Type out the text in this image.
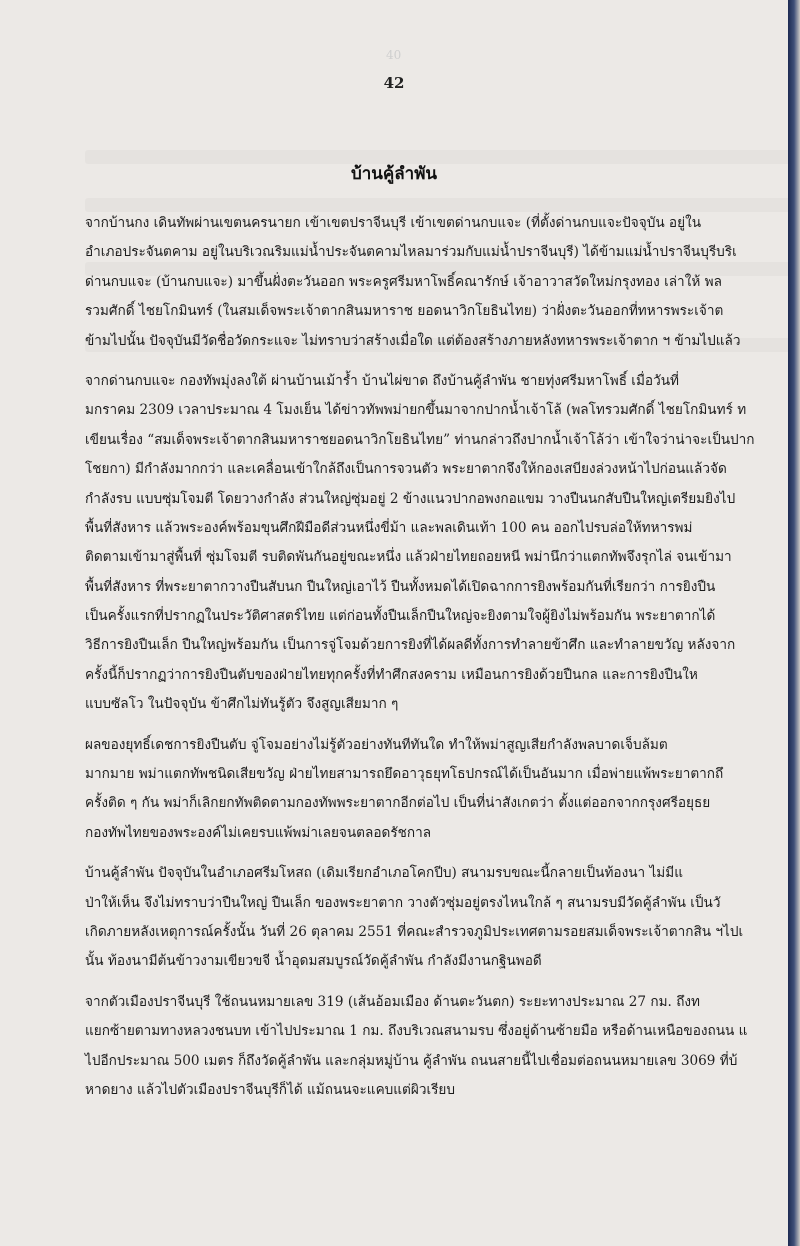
40
42
บ้านคู้ลำพัน
จากบ้านกง เดินทัพผ่านเขตนครนายก เข้าเขตปราจีนบุรี เข้าเขตด่านกบแจะ (ที่ตั้งด่านกบแจะปัจจุบัน อยู่ใน
อำเภอประจันตคาม อยู่ในบริเวณริมแม่น้ำประจันตคามไหลมาร่วมกับแม่น้ำปราจีนบุรี) ได้ข้ามแม่น้ำปราจีนบุรีบริเ
ด่านกบแจะ (บ้านกบแจะ) มาขึ้นฝั่งตะวันออก พระครูศรีมหาโพธิ์คณารักษ์ เจ้าอาวาสวัดใหม่กรุงทอง เล่าให้ พล
รวมศักดิ์ ไชยโกมินทร์ (ในสมเด็จพระเจ้าตากสินมหาราช ยอดนาวิกโยธินไทย) ว่าฝั่งตะวันออกที่ทหารพระเจ้าต
ข้ามไปนั้น ปัจจุบันมีวัดชื่อวัดกระแจะ ไม่ทราบว่าสร้างเมื่อใด แต่ต้องสร้างภายหลังทหารพระเจ้าตาก ฯ ข้ามไปแล้ว
จากด่านกบแจะ กองทัพมุ่งลงใต้ ผ่านบ้านเม้าร้ำ บ้านไผ่ขาด ถึงบ้านคู้ลำพัน ชายทุ่งศรีมหาโพธิ์ เมื่อวันที่
มกราคม 2309 เวลาประมาณ 4 โมงเย็น ได้ข่าวทัพพม่ายกขึ้นมาจากปากน้ำเจ้าโล้ (พลโทรวมศักดิ์ ไชยโกมินทร์ ท
เขียนเรื่อง “สมเด็จพระเจ้าตากสินมหาราชยอดนาวิกโยธินไทย” ท่านกล่าวถึงปากน้ำเจ้าโล้ว่า เข้าใจว่าน่าจะเป็นปาก
โชยกา) มีกำลังมากกว่า และเคลื่อนเข้าใกล้ถึงเป็นการจวนตัว พระยาตากจึงให้กองเสบียงล่วงหน้าไปก่อนแล้วจัด
กำลังรบ แบบซุ่มโจมตี โดยวางกำลัง ส่วนใหญ่ซุ่มอยู่ 2 ข้างแนวปากอพงกอแขม วางปืนนกสับปืนใหญ่เตรียมยิงไป
พื้นที่สังหาร แล้วพระองค์พร้อมขุนศึกฝีมือดีส่วนหนึ่งขี่ม้า และพลเดินเท้า 100 คน ออกไปรบล่อให้ทหารพม่
ติดตามเข้ามาสู่พื้นที่ ซุ่มโจมตี รบติดพันกันอยู่ขณะหนึ่ง แล้วฝ่ายไทยถอยหนี พม่านึกว่าแตกทัพจึงรุกไล่ จนเข้ามา
พื้นที่สังหาร ที่พระยาตากวางปืนสับนก ปืนใหญ่เอาไว้ ปืนทั้งหมดได้เปิดฉากการยิงพร้อมกันที่เรียกว่า การยิงปืน
เป็นครั้งแรกที่ปรากฏในประวัติศาสตร์ไทย แต่ก่อนทั้งปืนเล็กปืนใหญ่จะยิงตามใจผู้ยิงไม่พร้อมกัน พระยาตากได้
วิธีการยิงปืนเล็ก ปืนใหญ่พร้อมกัน เป็นการจู่โจมด้วยการยิงที่ได้ผลดีทั้งการทำลายข้าศึก และทำลายขวัญ หลังจาก
ครั้งนี้ก็ปรากฏว่าการยิงปืนตับของฝ่ายไทยทุกครั้งที่ทำศึกสงคราม เหมือนการยิงด้วยปืนกล และการยิงปืนให
แบบซัลโว ในปัจจุบัน ข้าศึกไม่ทันรู้ตัว จึงสูญเสียมาก ๆ
ผลของยุทธิ์เดชการยิงปืนตับ จู่โจมอย่างไม่รู้ตัวอย่างทันทีทันใด ทำให้พม่าสูญเสียกำลังพลบาดเจ็บล้มต
มากมาย พม่าแตกทัพชนิดเสียขวัญ ฝ่ายไทยสามารถยึดอาวุธยุทโธปกรณ์ได้เป็นอันมาก เมื่อพ่ายแพ้พระยาตากถึ
ครั้งติด ๆ กัน พม่าก็เลิกยกทัพติดตามกองทัพพระยาตากอีกต่อไป เป็นที่น่าสังเกตว่า ตั้งแต่ออกจากกรุงศรีอยุธย
กองทัพไทยของพระองค์ไม่เคยรบแพ้พม่าเลยจนตลอดรัชกาล
บ้านคู้ลำพัน ปัจจุบันในอำเภอศรีมโหสถ (เดิมเรียกอำเภอโคกปีบ) สนามรบขณะนี้กลายเป็นท้องนา ไม่มีแ
ป่าให้เห็น จึงไม่ทราบว่าปืนใหญ่ ปืนเล็ก ของพระยาตาก วางตัวซุ่มอยู่ตรงไหนใกล้ ๆ สนามรบมีวัดคู้ลำพัน เป็นวั
เกิดภายหลังเหตุการณ์ครั้งนั้น วันที่ 26 ตุลาคม 2551 ที่คณะสำรวจภูมิประเทศตามรอยสมเด็จพระเจ้าตากสิน ฯไปเ
นั้น ท้องนามีต้นข้าวงามเขียวขจี น้ำอุดมสมบูรณ์วัดคู้ลำพัน กำลังมีงานกฐินพอดี
จากตัวเมืองปราจีนบุรี ใช้ถนนหมายเลข 319 (เส้นอ้อมเมือง ด้านตะวันตก) ระยะทางประมาณ 27 กม. ถึงท
แยกซ้ายตามทางหลวงชนบท เข้าไปประมาณ 1 กม. ถึงบริเวณสนามรบ ซึ่งอยู่ด้านซ้ายมือ หรือด้านเหนือของถนน แ
ไปอีกประมาณ 500 เมตร ก็ถึงวัดคู้ลำพัน และกลุ่มหมู่บ้าน คู้ลำพัน ถนนสายนี้ไปเชื่อมต่อถนนหมายเลข 3069 ที่บ้
หาดยาง แล้วไปตัวเมืองปราจีนบุรีก็ได้ แม้ถนนจะแคบแต่ผิวเรียบ
